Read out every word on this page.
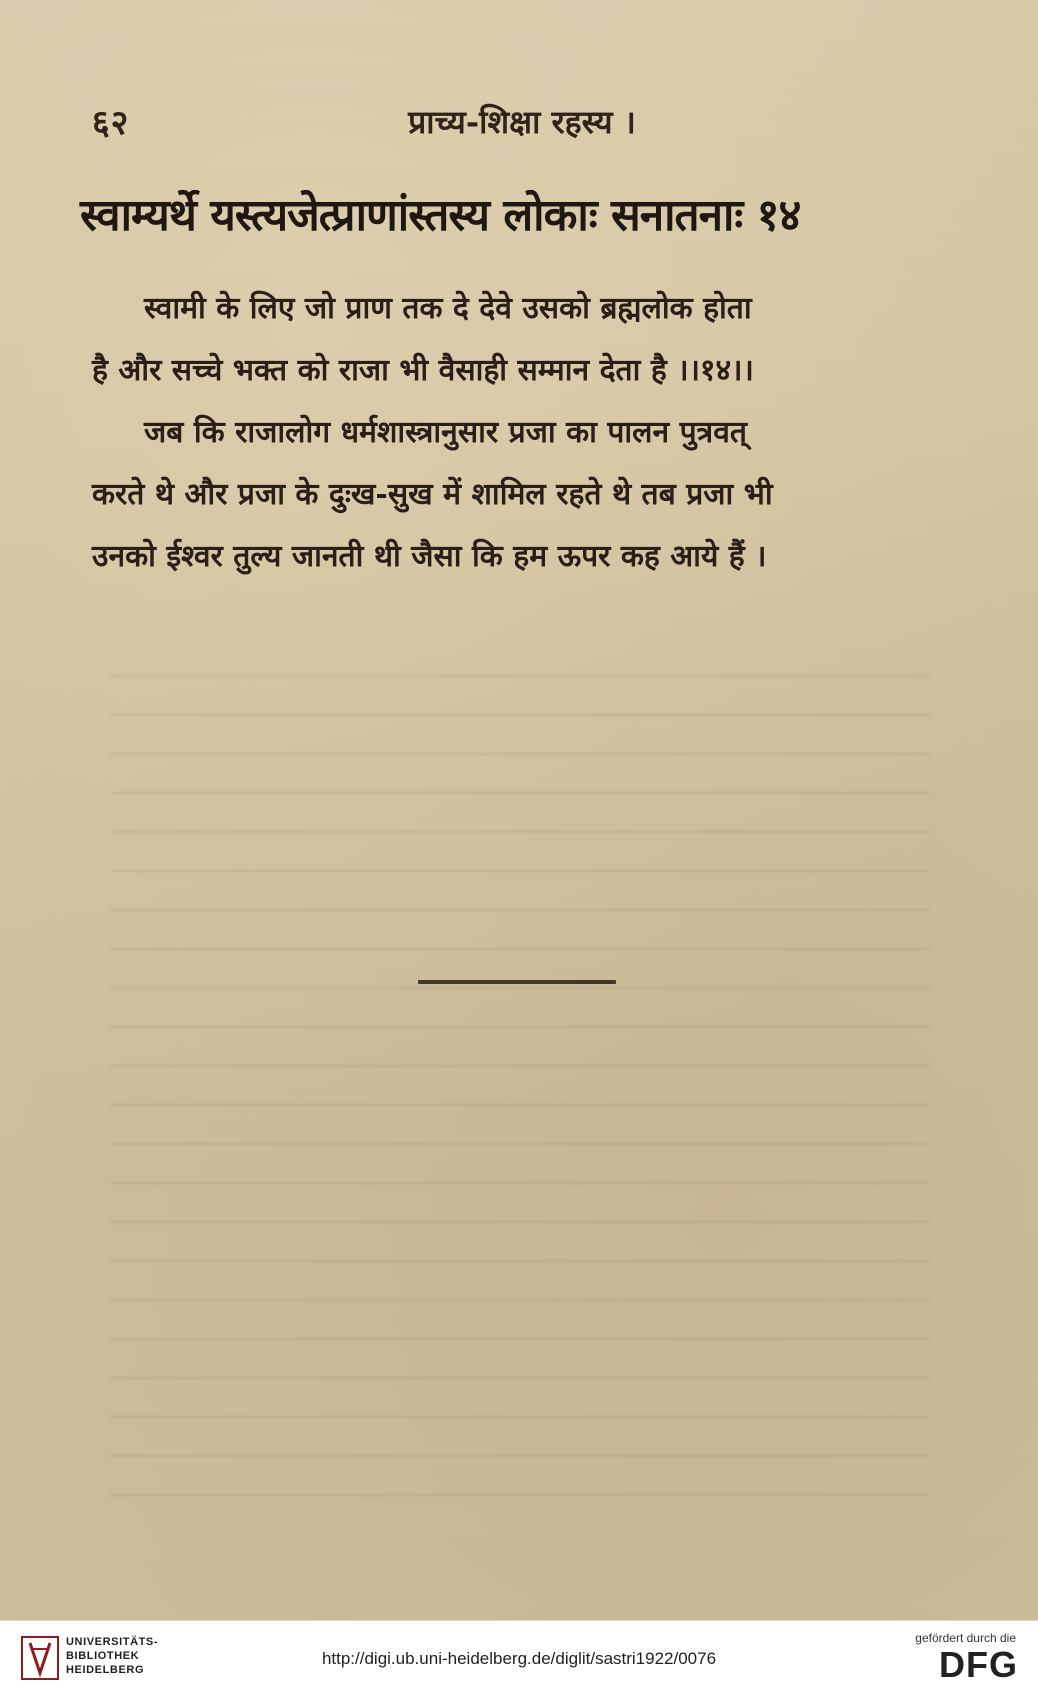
६२	प्राच्य-शिक्षा रहस्य ।
स्वाम्यर्थे यस्त्यजेत्प्राणांस्तस्य लोकाः सनातनाः १४
स्वामी के लिए जो प्राण तक दे देवे उसको ब्रह्मलोक होता
है और सच्चे भक्त को राजा भी वैसाही सम्मान देता है ।।१४।।
जब कि राजालोग धर्मशास्त्रानुसार प्रजा का पालन पुत्रवत्
करते थे और प्रजा के दुःख-सुख में शामिल रहते थे तब प्रजा भी
उनको ईश्वर तुल्य जानती थी जैसा कि हम ऊपर कह आये हैं ।
UNIVERSITÄTS-
BIBLIOTHEK
HEIDELBERG
http://digi.ub.uni-heidelberg.de/diglit/sastri1922/0076
gefördert durch die
DFG
